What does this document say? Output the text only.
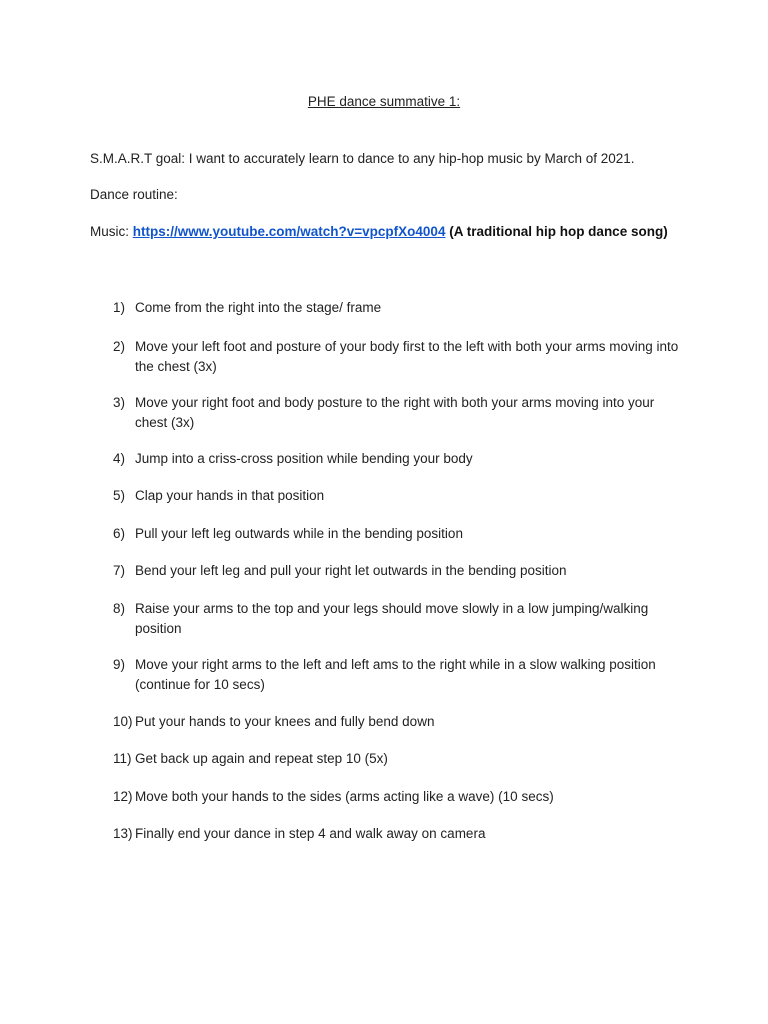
PHE dance summative 1:

S.M.A.R.T goal: I want to accurately learn to dance to any hip-hop music by March of 2021.

Dance routine:

Music: https://www.youtube.com/watch?v=vpcpfXo4004 (A traditional hip hop dance song)

1) Come from the right into the stage/ frame
2) Move your left foot and posture of your body first to the left with both your arms moving into the chest (3x)
3) Move your right foot and body posture to the right with both your arms moving into your chest (3x)
4) Jump into a criss-cross position while bending your body
5) Clap your hands in that position
6) Pull your left leg outwards while in the bending position
7) Bend your left leg and pull your right let outwards in the bending position
8) Raise your arms to the top and your legs should move slowly in a low jumping/walking position
9) Move your right arms to the left and left ams to the right while in a slow walking position (continue for 10 secs)
10) Put your hands to your knees and fully bend down
11) Get back up again and repeat step 10 (5x)
12) Move both your hands to the sides (arms acting like a wave) (10 secs)
13) Finally end your dance in step 4 and walk away on camera
